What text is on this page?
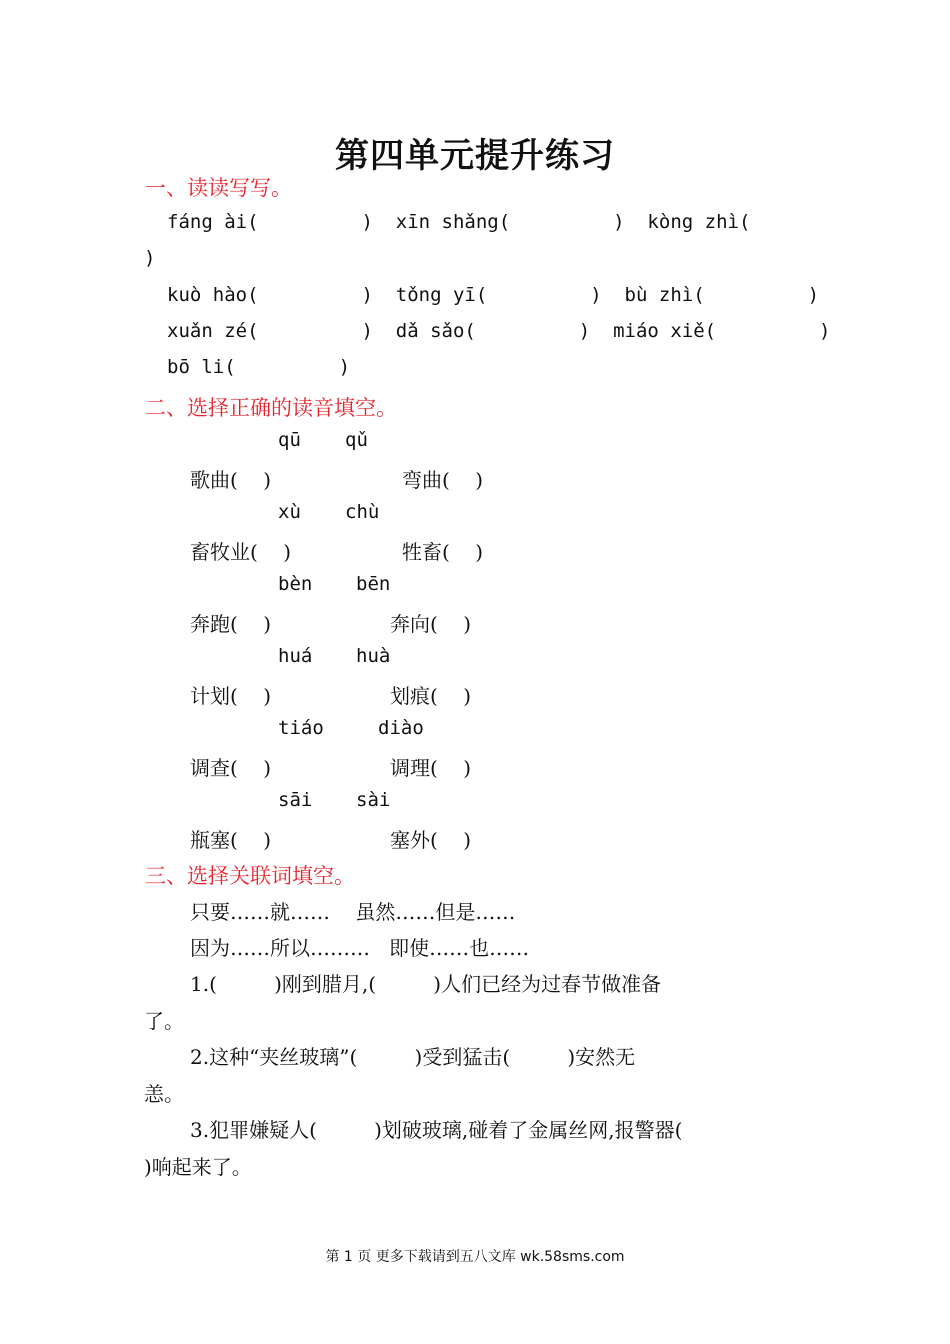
第四单元提升练习
一、读读写写。
fáng ài(         )  xīn shǎng(         )  kòng zhì(
)
kuò hào(         )  tǒng yī(         )  bù zhì(         )
xuǎn zé(         )  dǎ sǎo(         )  miáo xiě(         )
bō li(         )
二、选择正确的读音填空。
qū qǔ
歌曲(    )	弯曲(    )
xù chù
畜牧业(    )	牲畜(    )
bèn bēn
奔跑(    )	奔向(    )
huá huà
计划(    )	划痕(    )
tiáo	diào
调查(    )	调理(    )
sāi sài
瓶塞(    )	塞外(    )
三、选择关联词填空。
只要……就……    虽然……但是……
因为……所以………   即使……也……
1.(         )刚到腊月,(         )人们已经为过春节做准备
了。
2.这种“夹丝玻璃”(         )受到猛击(         )安然无
恙。
3.犯罪嫌疑人(         )划破玻璃,碰着了金属丝网,报警器(
)响起来了。
第 1 页 更多下载请到五八文库 wk.58sms.com
